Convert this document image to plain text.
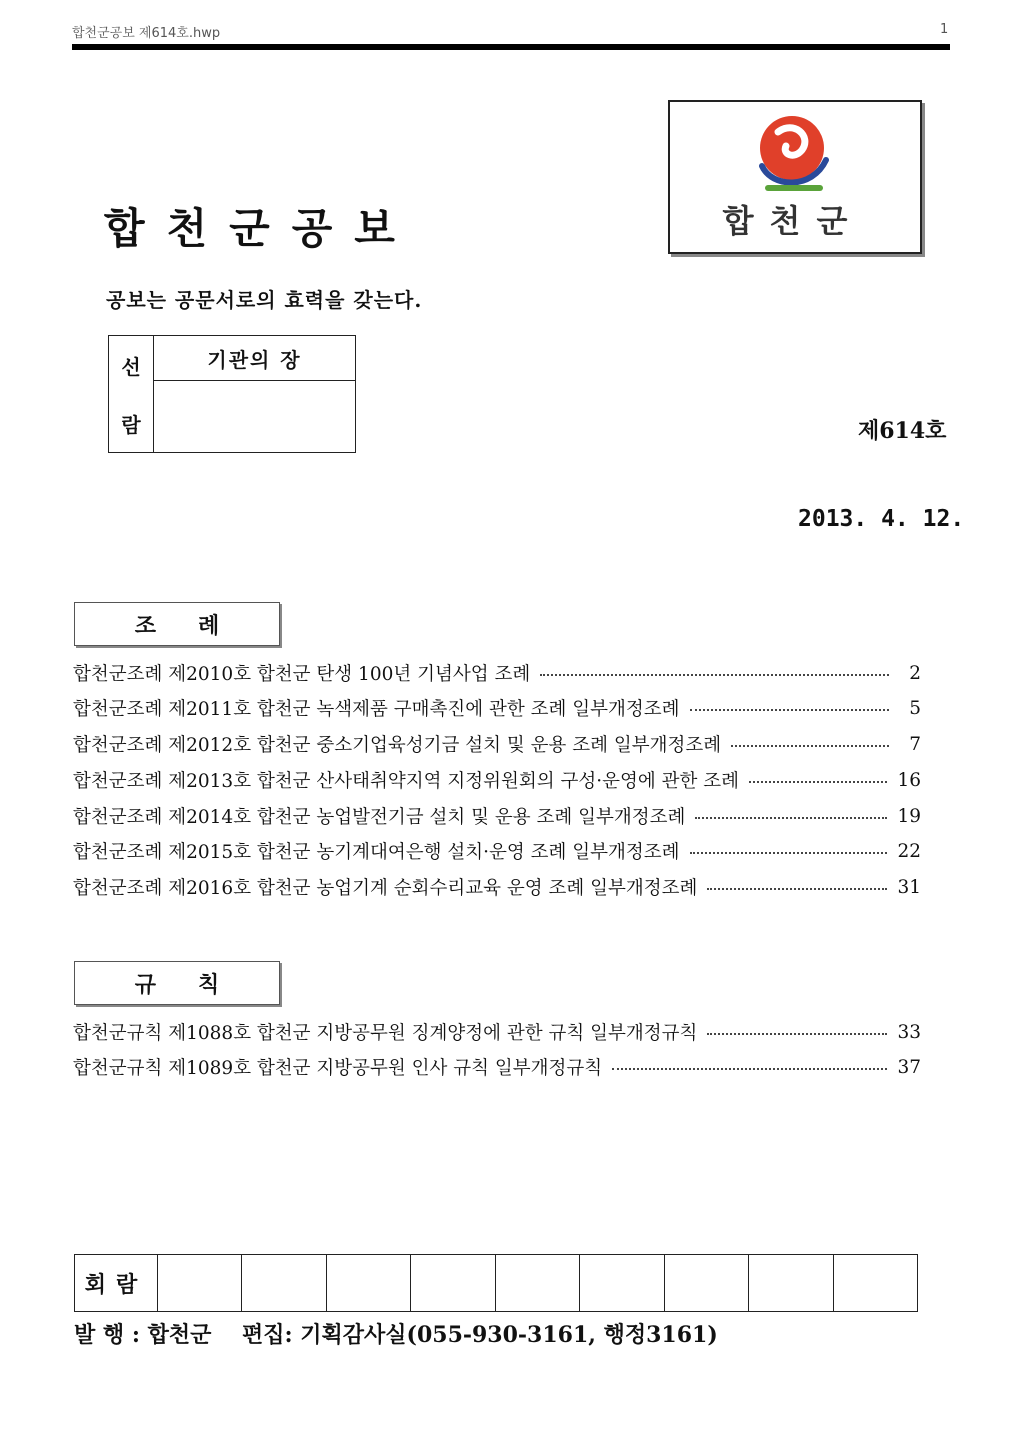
합천군공보 제614호.hwp	1
합천군공보	합천군
공보는 공문서로의 효력을 갖는다.
선
람
	기관의 장

제614호
2013. 4. 12.
조례
합천군조례 제2010호 합천군 탄생 100년 기념사업 조례	2
합천군조례 제2011호 합천군 녹색제품 구매촉진에 관한 조례 일부개정조례	5
합천군조례 제2012호 합천군 중소기업육성기금 설치 및 운용 조례 일부개정조례	7
합천군조례 제2013호 합천군 산사태취약지역 지정위원회의 구성·운영에 관한 조례	16
합천군조례 제2014호 합천군 농업발전기금 설치 및 운용 조례 일부개정조례	19
합천군조례 제2015호 합천군 농기계대여은행 설치·운영 조례 일부개정조례	22
합천군조례 제2016호 합천군 농업기계 순회수리교육 운영 조례 일부개정조례	31
규칙
합천군규칙 제1088호 합천군 지방공무원 징계양정에 관한 규칙 일부개정규칙	33
합천군규칙 제1089호 합천군 지방공무원 인사 규칙 일부개정규칙	37
회람									
발 행 : 합천군    편집: 기획감사실(055-930-3161, 행정3161)
